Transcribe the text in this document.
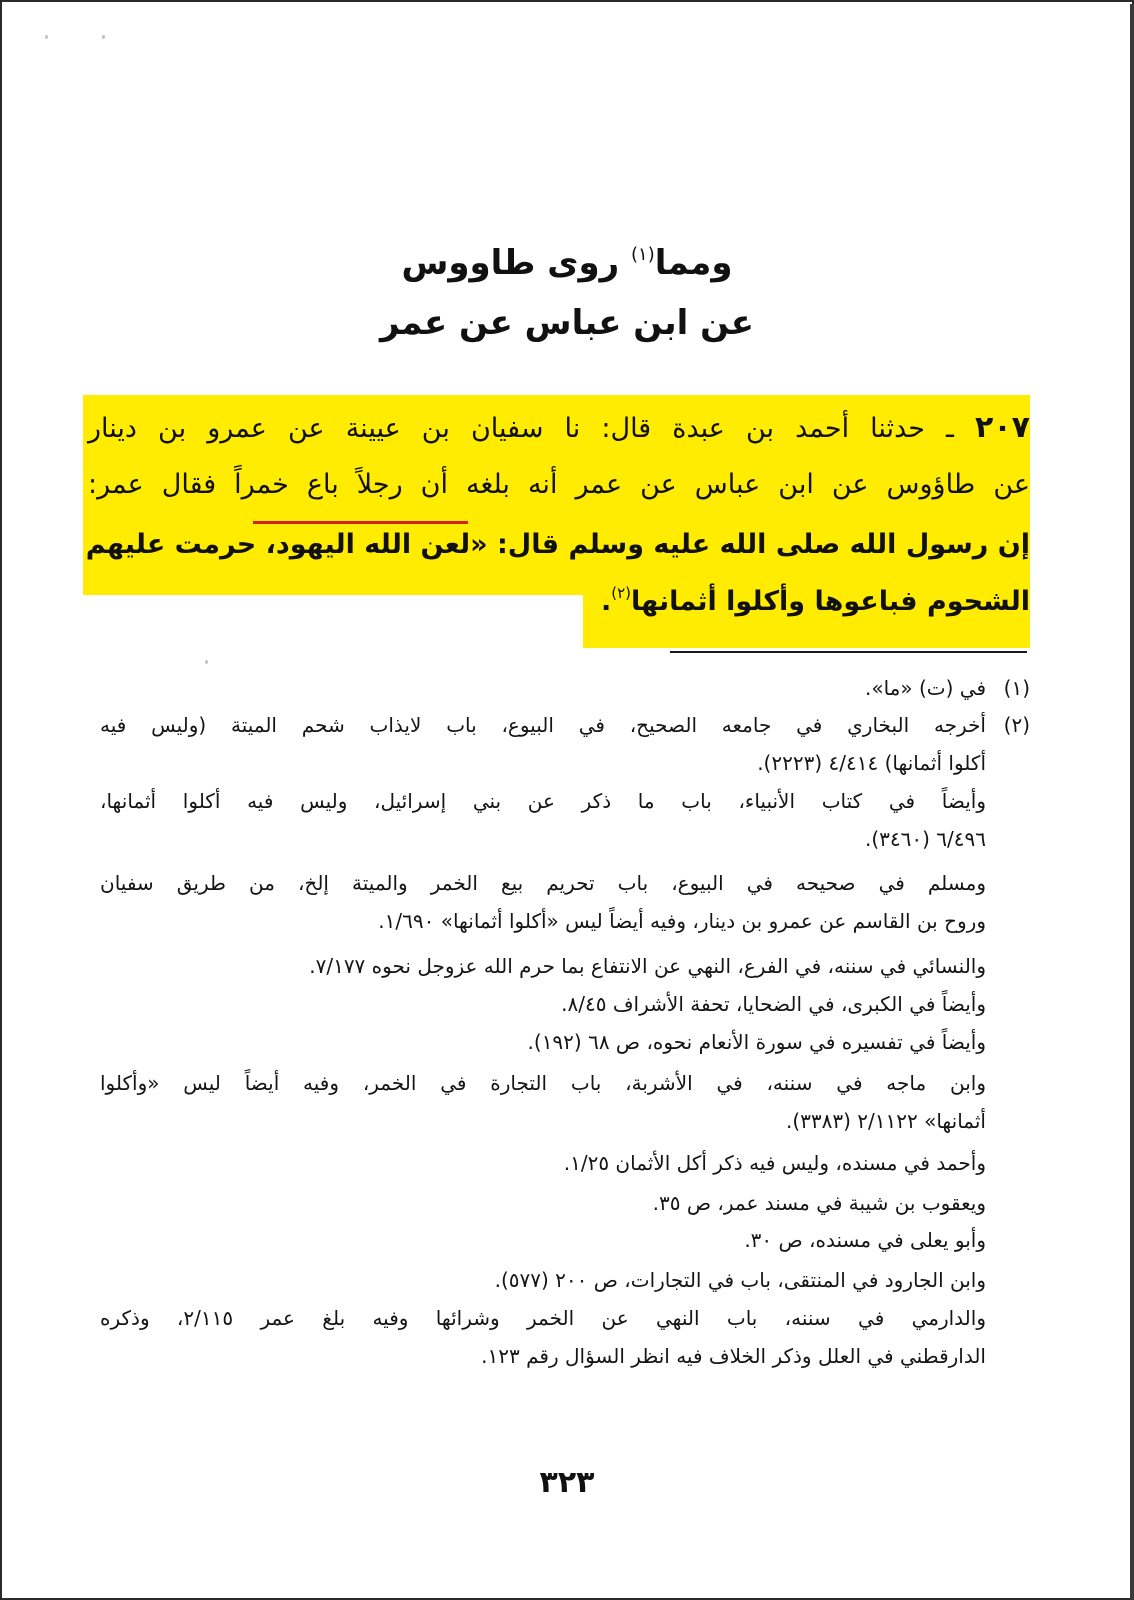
ومما$^{(١)}$ روى طاووس
عن ابن عباس عن عمر
٢٠٧ ـ حدثنا أحمد بن عبدة قال: نا سفيان بن عيينة عن عمرو بن دينار
عن طاؤوس عن ابن عباس عن عمر أنه بلغه أن رجلاً باع خمراً فقال عمر:
إن رسول الله صلى الله عليه وسلم قال: «لعن الله اليهود، حرمت عليهم
الشحوم فباعوها وأكلوا أثمانها$^{(٢)}$.
(١)
في (ت) «ما».
(٢)
أخرجه البخاري في جامعه الصحيح، في البيوع، باب لايذاب شحم الميتة (وليس فيه
أكلوا أثمانها) ٤/٤١٤ (٢٢٢٣).
وأيضاً في كتاب الأنبياء، باب ما ذكر عن بني إسرائيل، وليس فيه أكلوا أثمانها،
٦/٤٩٦ (٣٤٦٠).
ومسلم في صحيحه في البيوع، باب تحريم بيع الخمر والميتة إلخ، من طريق سفيان
وروح بن القاسم عن عمرو بن دينار، وفيه أيضاً ليس «أكلوا أثمانها» ١/٦٩٠.
والنسائي في سننه، في الفرع، النهي عن الانتفاع بما حرم الله عزوجل نحوه ٧/١٧٧.
وأيضاً في الكبرى، في الضحايا، تحفة الأشراف ٨/٤٥.
وأيضاً في تفسيره في سورة الأنعام نحوه، ص ٦٨ (١٩٢).
وابن ماجه في سننه، في الأشربة، باب التجارة في الخمر، وفيه أيضاً ليس «وأكلوا
أثمانها» ٢/١١٢٢ (٣٣٨٣).
وأحمد في مسنده، وليس فيه ذكر أكل الأثمان ١/٢٥.
ويعقوب بن شيبة في مسند عمر، ص ٣٥.
وأبو يعلى في مسنده، ص ٣٠.
وابن الجارود في المنتقى، باب في التجارات، ص ٢٠٠ (٥٧٧).
والدارمي في سننه، باب النهي عن الخمر وشرائها وفيه بلغ عمر ٢/١١٥، وذكره
الدارقطني في العلل وذكر الخلاف فيه انظر السؤال رقم ١٢٣.
٣٢٣
